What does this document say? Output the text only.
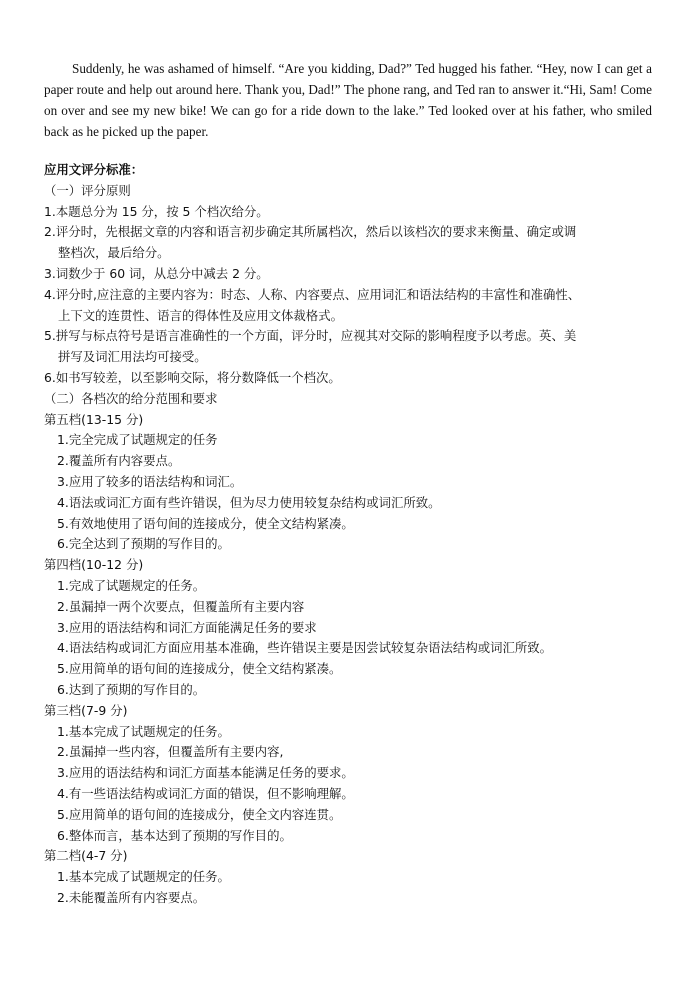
Suddenly, he was ashamed of himself. “Are you kidding, Dad?” Ted hugged his father. “Hey, now I can get a paper route and help out around here. Thank you, Dad!” The phone rang, and Ted ran to answer it.“Hi, Sam! Come on over and see my new bike! We can go for a ride down to the lake.” Ted looked over at his father, who smiled back as he picked up the paper.

应用文评分标准：

（一）评分原则

1.本题总分为 15 分，按 5 个档次给分。

2.评分时，先根据文章的内容和语言初步确定其所属档次，然后以该档次的要求来衡量、确定或调

整档次，最后给分。

3.词数少于 60 词，从总分中减去 2 分。

4.评分时,应注意的主要内容为：时态、人称、内容要点、应用词汇和语法结构的丰富性和准确性、

上下文的连贯性、语言的得体性及应用文体裁格式。

5.拼写与标点符号是语言准确性的一个方面，评分时，应视其对交际的影响程度予以考虑。英、美

拼写及词汇用法均可接受。

6.如书写较差，以至影响交际，将分数降低一个档次。

（二）各档次的给分范围和要求

第五档(13-15 分)

1.完全完成了试题规定的任务

2.覆盖所有内容要点。

3.应用了较多的语法结构和词汇。

4.语法或词汇方面有些许错误，但为尽力使用较复杂结构或词汇所致。

5.有效地使用了语句间的连接成分，使全文结构紧凑。

6.完全达到了预期的写作目的。

第四档(10-12 分)

1.完成了试题规定的任务。

2.虽漏掉一两个次要点，但覆盖所有主要内容

3.应用的语法结构和词汇方面能满足任务的要求

4.语法结构或词汇方面应用基本准确，些许错误主要是因尝试较复杂语法结构或词汇所致。

5.应用简单的语句间的连接成分，使全文结构紧凑。

6.达到了预期的写作目的。

第三档(7-9 分)

1.基本完成了试题规定的任务。

2.虽漏掉一些内容，但覆盖所有主要内容,

3.应用的语法结构和词汇方面基本能满足任务的要求。

4.有一些语法结构或词汇方面的错误，但不影响理解。

5.应用简单的语句间的连接成分，使全文内容连贯。

6.整体而言，基本达到了预期的写作目的。

第二档(4-7 分)

1.基本完成了试题规定的任务。

2.未能覆盖所有内容要点。
